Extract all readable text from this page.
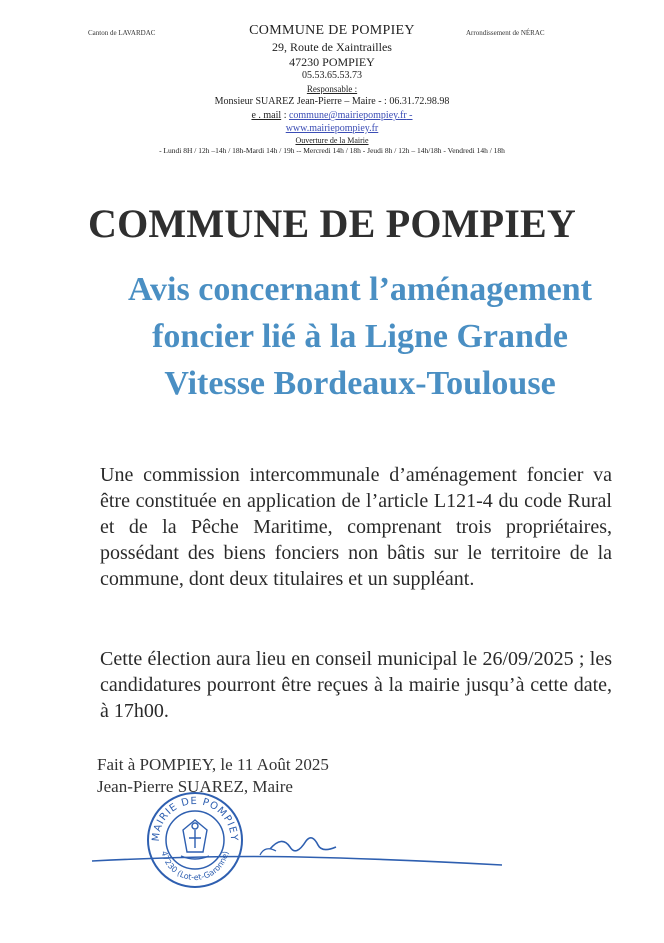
Canton de LAVARDAC	Arrondissement de NÉRAC
COMMUNE DE POMPIEY
29, Route de Xaintrailles
47230 POMPIEY
05.53.65.53.73
Responsable :
Monsieur SUAREZ Jean-Pierre – Maire - : 06.31.72.98.98
e . mail : commune@mairiepompiey.fr -
www.mairiepompiey.fr
Ouverture de la Mairie
- Lundi 8H / 12h –14h / 18h-Mardi 14h / 19h -- Mercredi 14h / 18h - Jeudi 8h / 12h – 14h/18h - Vendredi 14h / 18h
COMMUNE DE POMPIEY
Avis concernant l’aménagement
foncier lié à la Ligne Grande
Vitesse Bordeaux-Toulouse
Une commission intercommunale d’aménagement foncier va être constituée en application de l’article L121-4 du code Rural et de la Pêche Maritime, comprenant trois propriétaires, possédant des biens fonciers non bâtis sur le territoire de la commune, dont deux titulaires et un suppléant.
Cette élection aura lieu en conseil municipal le 26/09/2025 ; les candidatures pourront être reçues à la mairie jusqu’à cette date, à 17h00.
Fait à POMPIEY, le 11 Août 2025
Jean-Pierre SUAREZ, Maire
MAIRIE DE POMPIEY
47230 (Lot-et-Garonne)
